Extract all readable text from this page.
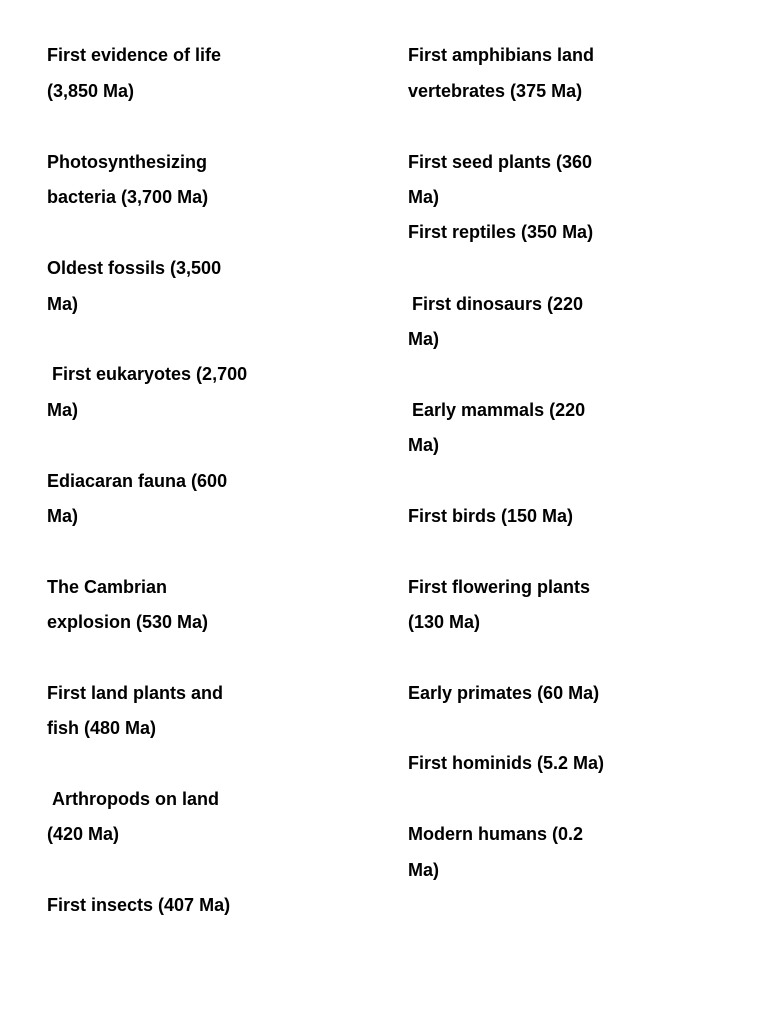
First evidence of life
(3,850 Ma)
Photosynthesizing
bacteria (3,700 Ma)
Oldest fossils (3,500
Ma)
First eukaryotes (2,700
Ma)
Ediacaran fauna (600
Ma)
The Cambrian
explosion (530 Ma)
First land plants and
fish (480 Ma)
Arthropods on land
(420 Ma)
First insects (407 Ma)
First amphibians land
vertebrates (375 Ma)
First seed plants (360
Ma)
First reptiles (350 Ma)
First dinosaurs (220
Ma)
Early mammals (220
Ma)
First birds (150 Ma)
First flowering plants
(130 Ma)
Early primates (60 Ma)
First hominids (5.2 Ma)
Modern humans (0.2
Ma)
